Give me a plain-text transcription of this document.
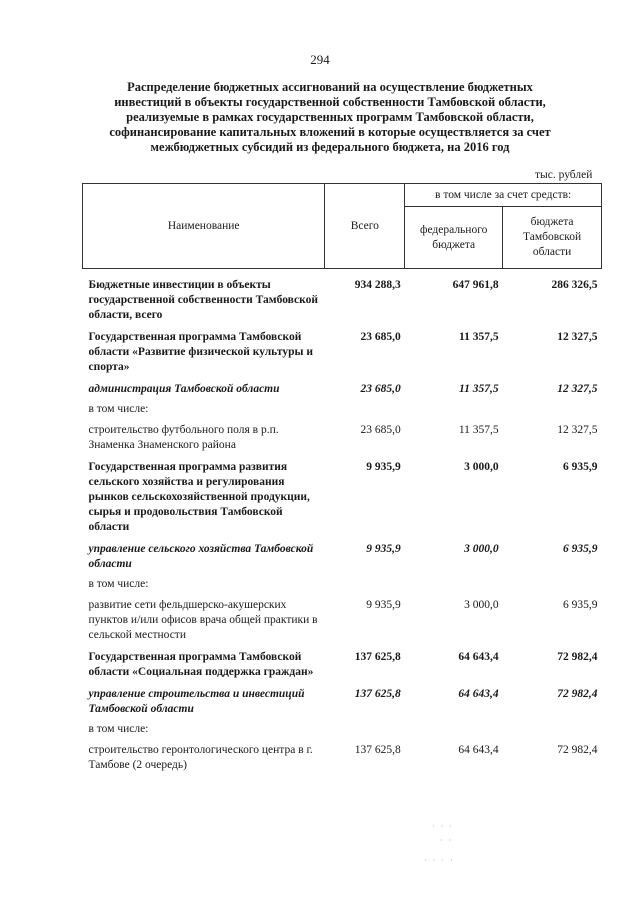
294
Распределение бюджетных ассигнований на осуществление бюджетных
инвестиций в объекты государственной собственности Тамбовской области,
реализуемые в рамках государственных программ Тамбовской области,
софинансирование капитальных вложений в которые осуществляется за счет
межбюджетных субсидий из федерального бюджета, на 2016 год
тыс. рублей
Наименование	Всего	в том числе за счет средств:	
		федерального бюджета	бюджета Тамбовской области
Бюджетные инвестиции в объекты государственной собственности Тамбовской области, всего	934 288,3	647 961,8	286 326,5
Государственная программа Тамбовской области «Развитие физической культуры и спорта»	23 685,0	11 357,5	12 327,5
администрация Тамбовской области	23 685,0	11 357,5	12 327,5
в том числе:			
строительство футбольного поля в р.п. Знаменка Знаменского района	23 685,0	11 357,5	12 327,5
Государственная программа развития сельского хозяйства и регулирования рынков сельскохозяйственной продукции, сырья и продовольствия Тамбовской области	9 935,9	3 000,0	6 935,9
управление сельского хозяйства Тамбовской области	9 935,9	3 000,0	6 935,9
в том числе:			
развитие сети фельдшерско-акушерских пунктов и/или офисов врача общей практики в сельской местности	9 935,9	3 000,0	6 935,9
Государственная программа Тамбовской области «Социальная поддержка граждан»	137 625,8	64 643,4	72 982,4
управление строительства и инвестиций Тамбовской области	137 625,8	64 643,4	72 982,4
в том числе:			
строительство геронтологического центра в г. Тамбове (2 очередь)	137 625,8	64 643,4	72 982,4
· · ·
· ·
· · · ·
